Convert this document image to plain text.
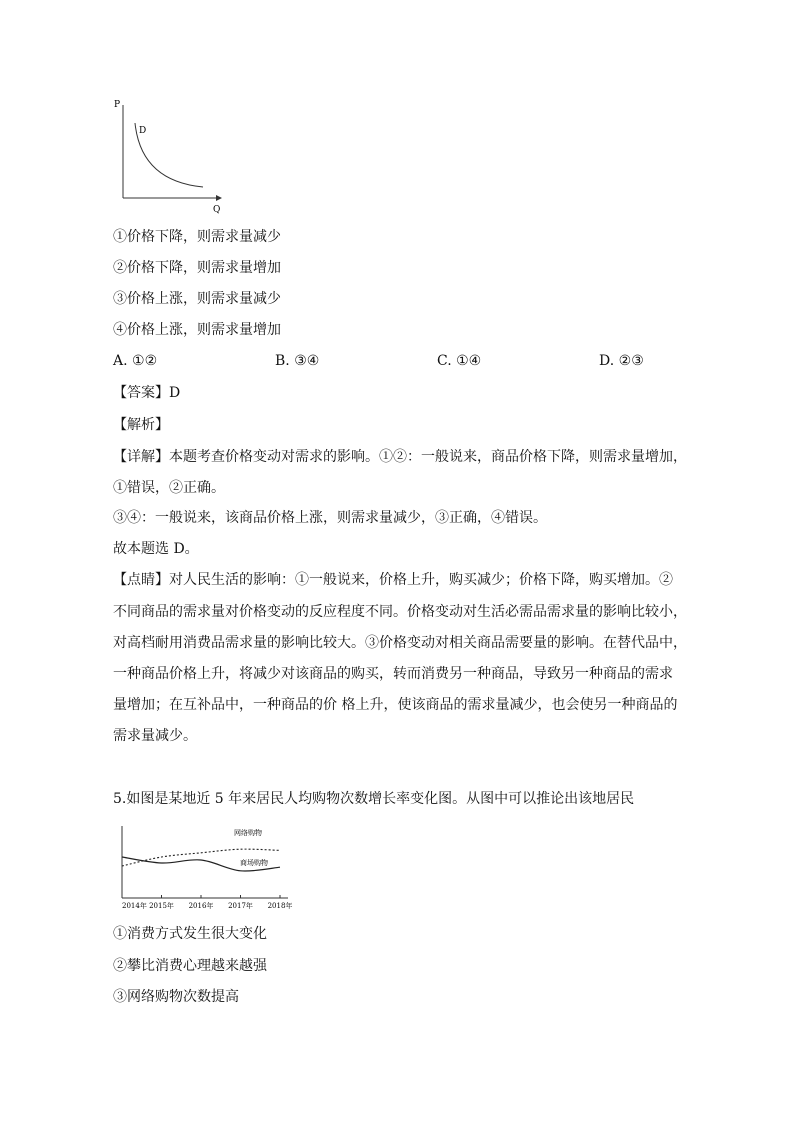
P
D
Q
①价格下降，则需求量减少
②价格下降，则需求量增加
③价格上涨，则需求量减少
④价格上涨，则需求量增加
A. ①②	B. ③④	C. ①④	D. ②③
【答案】D
【解析】
【详解】本题考查价格变动对需求的影响。①②：一般说来，商品价格下降，则需求量增加，
①错误，②正确。
③④：一般说来，该商品价格上涨，则需求量减少，③正确，④错误。
故本题选 D。
【点睛】对人民生活的影响：①一般说来，价格上升，购买减少；价格下降，购买增加。②
不同商品的需求量对价格变动的反应程度不同。价格变动对生活必需品需求量的影响比较小，
对高档耐用消费品需求量的影响比较大。③价格变动对相关商品需要量的影响。在替代品中，
一种商品价格上升，将减少对该商品的购买，转而消费另一种商品，导致另一种商品的需求
量增加；在互补品中，一种商品的价 格上升，使该商品的需求量减少，也会使另一种商品的
需求量减少。
5.如图是某地近 5 年来居民人均购物次数增长率变化图。从图中可以推论出该地居民
网络购物
商场购物
2014年 2015年 2016年 2017年 2018年
①消费方式发生很大变化
②攀比消费心理越来越强
③网络购物次数提高
